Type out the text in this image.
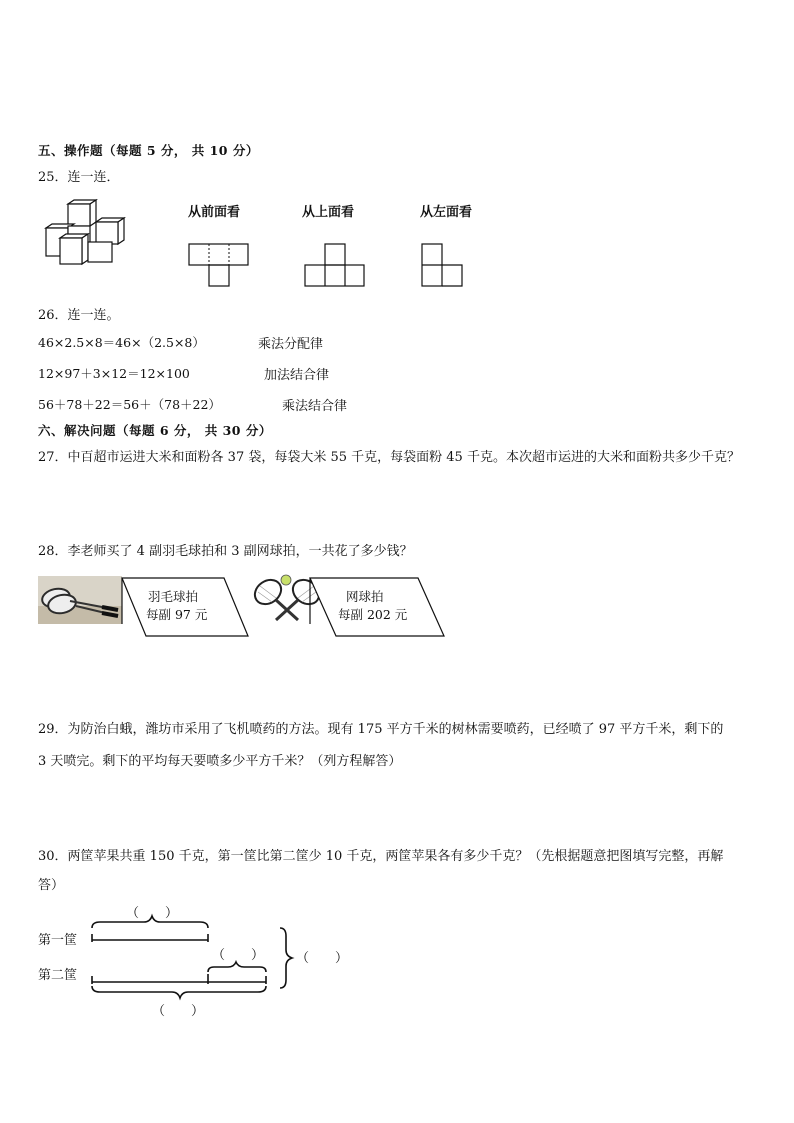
五、操作题（每题 5 分， 共 10 分）
25．连一连．
从前面看	从上面看	从左面看
26．连一连。
46×2.5×8＝46×（2.5×8）
12×97＋3×12＝12×100
56＋78＋22＝56＋（78＋22）
乘法分配律
加法结合律
乘法结合律
六、解决问题（每题 6 分， 共 30 分）
27．中百超市运进大米和面粉各 37 袋，每袋大米 55 千克，每袋面粉 45 千克。本次超市运进的大米和面粉共多少千克？
28．李老师买了 4 副羽毛球拍和 3 副网球拍，一共花了多少钱？
羽毛球拍
每副 97 元
网球拍
每副 202 元
29．为防治白蛾，潍坊市采用了飞机喷药的方法。现有 175 平方千米的树林需要喷药，已经喷了 97 平方千米，剩下的
3 天喷完。剩下的平均每天要喷多少平方千米？（列方程解答）
30．两筐苹果共重 150 千克，第一筐比第二筐少 10 千克，两筐苹果各有多少千克？（先根据题意把图填写完整，再解
答）
第一筐
第二筐
（　　）
（　　） （　　）
（　　）
